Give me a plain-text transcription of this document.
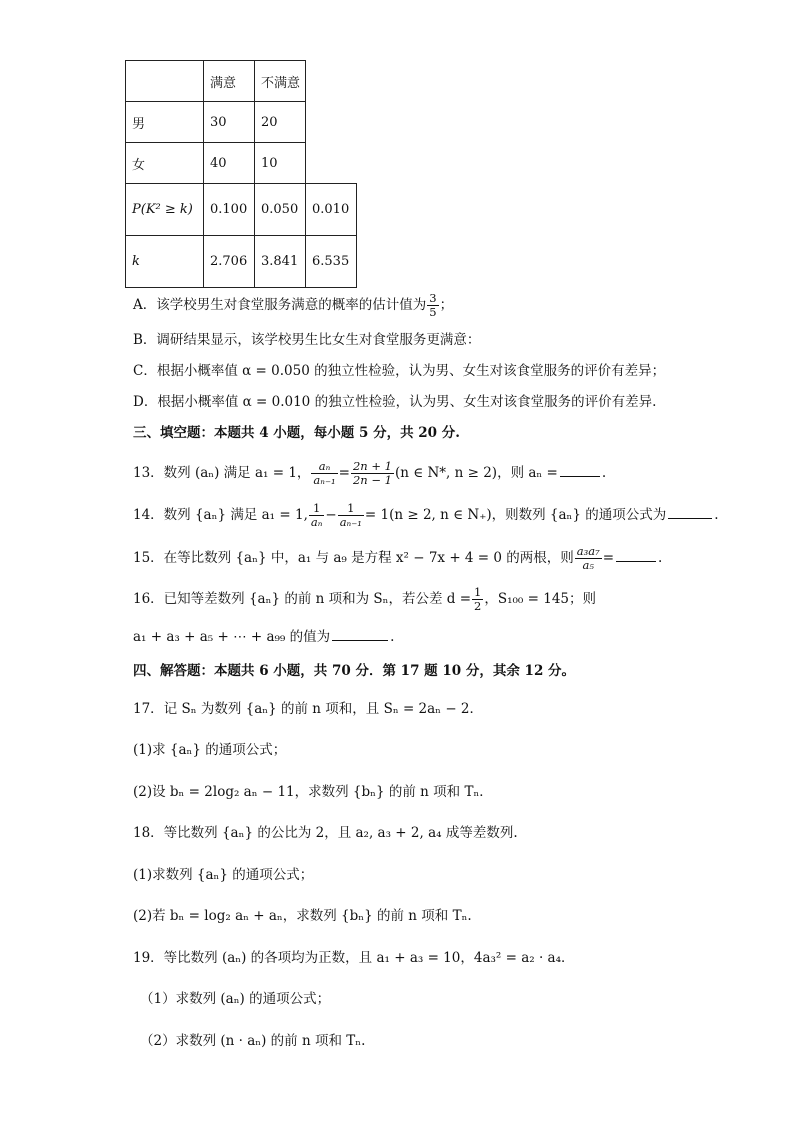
	满意	不满意	
男	30	20	
女	40	10	
P(K² ≥ k)	0.100	0.050	0.010
k	2.706	3.841	6.535
A．该学校男生对食堂服务满意的概率的估计值为 $\frac{3}{5}$ ；
B．调研结果显示，该学校男生比女生对食堂服务更满意：
C．根据小概率值 α = 0.050 的独立性检验，认为男、女生对该食堂服务的评价有差异；
D．根据小概率值 α = 0.010 的独立性检验，认为男、女生对该食堂服务的评价有差异.
三、填空题：本题共 4 小题，每小题 5 分，共 20 分.
13．数列 (aₙ) 满足 a₁ = 1， $\frac{\text{aₙ}}{\text{aₙ₋₁}} = \frac{2n + 1}{2n - 1} (n$ ∈ N*, n ≥ 2)，则 aₙ =	.
14．数列 {aₙ} 满足 a₁ = 1, $\frac{1}{\text{aₙ}} - \frac{1}{\text{aₙ₋₁}} = 1(n \ge 2$, n ∈ N₊)，则数列 {aₙ} 的通项公式为	.
15．在等比数列 {aₙ} 中，a₁ 与 a₉ 是方程 x² − 7x + 4 = 0 的两根，则 $\frac{\text{a₃a₇}}{\text{a₅}}$ =	.
16．已知等差数列 {aₙ} 的前 n 项和为 Sₙ，若公差 $d = \frac{1}{2}$ ，S₁₀₀ = 145；则
a₁ + a₃ + a₅ + ⋯ + a₉₉ 的值为	.
四、解答题：本题共 6 小题，共 70 分．第 17 题 10 分，其余 12 分。
17．记 Sₙ 为数列 {aₙ} 的前 n 项和，且 Sₙ = 2aₙ − 2．
(1)求 {aₙ} 的通项公式；
(2)设 bₙ = 2log₂ aₙ − 11，求数列 {bₙ} 的前 n 项和 Tₙ．
18．等比数列 {aₙ} 的公比为 2，且 a₂, a₃ + 2, a₄ 成等差数列.
(1)求数列 {aₙ} 的通项公式；
(2)若 bₙ = log₂ aₙ + aₙ，求数列 {bₙ} 的前 n 项和 Tₙ.
19．等比数列 (aₙ) 的各项均为正数，且 a₁ + a₃ = 10，4a₃² = a₂ · a₄．
（1）求数列 (aₙ) 的通项公式；
（2）求数列 (n · aₙ) 的前 n 项和 Tₙ.
